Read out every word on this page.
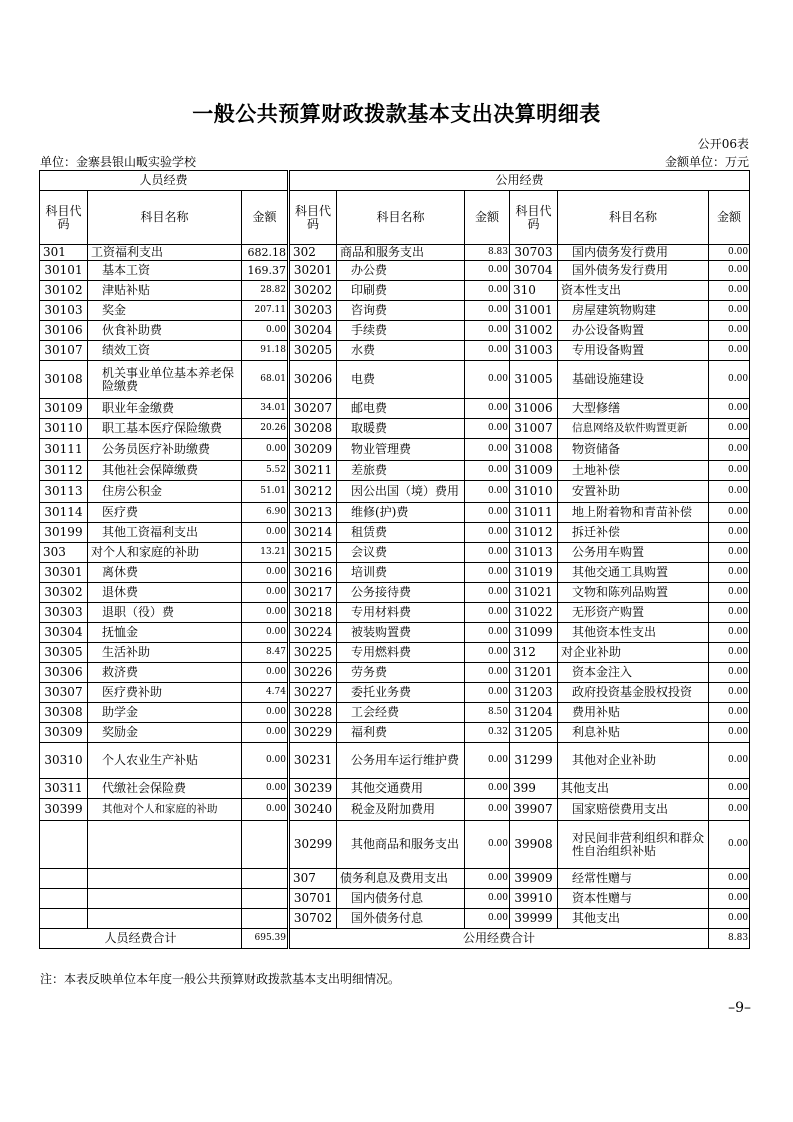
一般公共预算财政拨款基本支出决算明细表
公开06表
单位：金寨县银山畈实验学校	金额单位：万元
人员经费			公用经费					
科目代码	科目名称	金额	科目代码	科目名称	金额	科目代码	科目名称	金额
301	工资福利支出	682.18	302	商品和服务支出	8.83	30703	国内债务发行费用	0.00
30101	基本工资	169.37	30201	办公费	0.00	30704	国外债务发行费用	0.00
30102	津贴补贴	28.82	30202	印刷费	0.00	310	资本性支出	0.00
30103	奖金	207.11	30203	咨询费	0.00	31001	房屋建筑物购建	0.00
30106	伙食补助费	0.00	30204	手续费	0.00	31002	办公设备购置	0.00
30107	绩效工资	91.18	30205	水费	0.00	31003	专用设备购置	0.00
30108	机关事业单位基本养老保险缴费	68.01	30206	电费	0.00	31005	基础设施建设	0.00
30109	职业年金缴费	34.01	30207	邮电费	0.00	31006	大型修缮	0.00
30110	职工基本医疗保险缴费	20.26	30208	取暖费	0.00	31007	信息网络及软件购置更新	0.00
30111	公务员医疗补助缴费	0.00	30209	物业管理费	0.00	31008	物资储备	0.00
30112	其他社会保障缴费	5.52	30211	差旅费	0.00	31009	土地补偿	0.00
30113	住房公积金	51.01	30212	因公出国（境）费用	0.00	31010	安置补助	0.00
30114	医疗费	6.90	30213	维修(护)费	0.00	31011	地上附着物和青苗补偿	0.00
30199	其他工资福利支出	0.00	30214	租赁费	0.00	31012	拆迁补偿	0.00
303	对个人和家庭的补助	13.21	30215	会议费	0.00	31013	公务用车购置	0.00
30301	离休费	0.00	30216	培训费	0.00	31019	其他交通工具购置	0.00
30302	退休费	0.00	30217	公务接待费	0.00	31021	文物和陈列品购置	0.00
30303	退职（役）费	0.00	30218	专用材料费	0.00	31022	无形资产购置	0.00
30304	抚恤金	0.00	30224	被装购置费	0.00	31099	其他资本性支出	0.00
30305	生活补助	8.47	30225	专用燃料费	0.00	312	对企业补助	0.00
30306	救济费	0.00	30226	劳务费	0.00	31201	资本金注入	0.00
30307	医疗费补助	4.74	30227	委托业务费	0.00	31203	政府投资基金股权投资	0.00
30308	助学金	0.00	30228	工会经费	8.50	31204	费用补贴	0.00
30309	奖励金	0.00	30229	福利费	0.32	31205	利息补贴	0.00
30310	个人农业生产补贴	0.00	30231	公务用车运行维护费	0.00	31299	其他对企业补助	0.00
30311	代缴社会保险费	0.00	30239	其他交通费用	0.00	399	其他支出	0.00
30399	其他对个人和家庭的补助	0.00	30240	税金及附加费用	0.00	39907	国家赔偿费用支出	0.00
			30299	其他商品和服务支出	0.00	39908	对民间非营利组织和群众性自治组织补贴	0.00
			307	债务利息及费用支出	0.00	39909	经常性赠与	0.00
			30701	国内债务付息	0.00	39910	资本性赠与	0.00
			30702	国外债务付息	0.00	39999	其他支出	0.00
人员经费合计		695.39	公用经费合计					8.83
注：本表反映单位本年度一般公共预算财政拨款基本支出明细情况。
–9–
